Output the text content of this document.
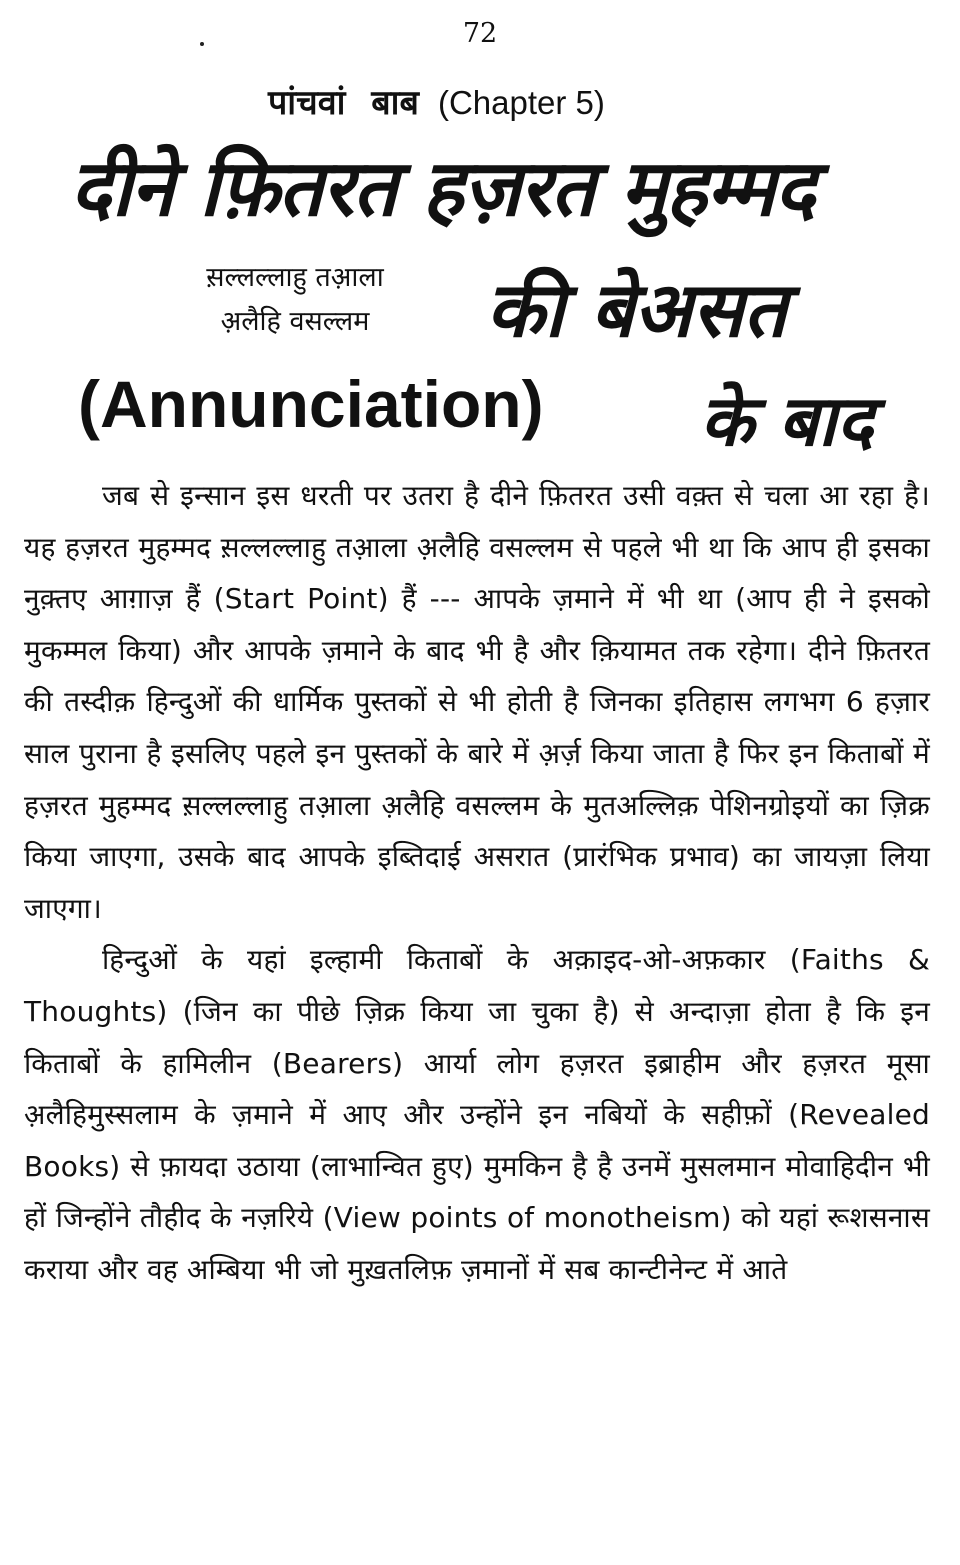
72
पांचवां बाब (Chapter 5)
दीने फ़ितरत हज़रत मुहम्मद
स़ल्लल्लाहु तआ़ला
अ़लैहि वसल्लम	की बेअसत
(Annunciation) के बाद

जब से इन्सान इस धरती पर उतरा है दीने फ़ितरत उसी वक़्त से चला आ रहा है। यह हज़रत मुहम्मद स़ल्लल्लाहु तआ़ला अ़लैहि वसल्लम से पहले भी था कि आप ही इसका नुक़्तए आग़ाज़ हैं (Start Point) हैं --- आपके ज़माने में भी था (आप ही ने इसको मुकम्मल किया) और आपके ज़माने के बाद भी है और क़ियामत तक रहेगा। दीने फ़ितरत की तस्दीक़ हिन्दुओं की धार्मिक पुस्तकों से भी होती है जिनका इतिहास लगभग 6 हज़ार साल पुराना है इसलिए पहले इन पुस्तकों के बारे में अ़र्ज़ किया जाता है फिर इन किताबों में हज़रत मुहम्मद स़ल्लल्लाहु तआ़ला अ़लैहि वसल्लम के मुतअल्लिक़ पेशिनग्रोइयों का ज़िक्र किया जाएगा, उसके बाद आपके इब्तिदाई असरात (प्रारंभिक प्रभाव) का जायज़ा लिया जाएगा।

हिन्दुओं के यहां इल्हामी किताबों के अक़ाइद-ओ-अफ़कार (Faiths & Thoughts) (जिन का पीछे ज़िक्र किया जा चुका है) से अन्दाज़ा होता है कि इन किताबों के हामिलीन (Bearers) आर्या लोग हज़रत इब्राहीम और हज़रत मूसा अ़लैहिमुस्सलाम के ज़माने में आए और उन्होंने इन नबियों के सहीफ़ों (Revealed Books) से फ़ायदा उठाया (लाभान्वित हुए) मुमकिन है है उनमें मुसलमान मोवाहिदीन भी हों जिन्होंने तौहीद के नज़रिये (View points of monotheism) को यहां रूशसनास कराया और वह अम्बिया भी जो मुख़तलिफ़ ज़मानों में सब कान्टीनेन्ट में आते
